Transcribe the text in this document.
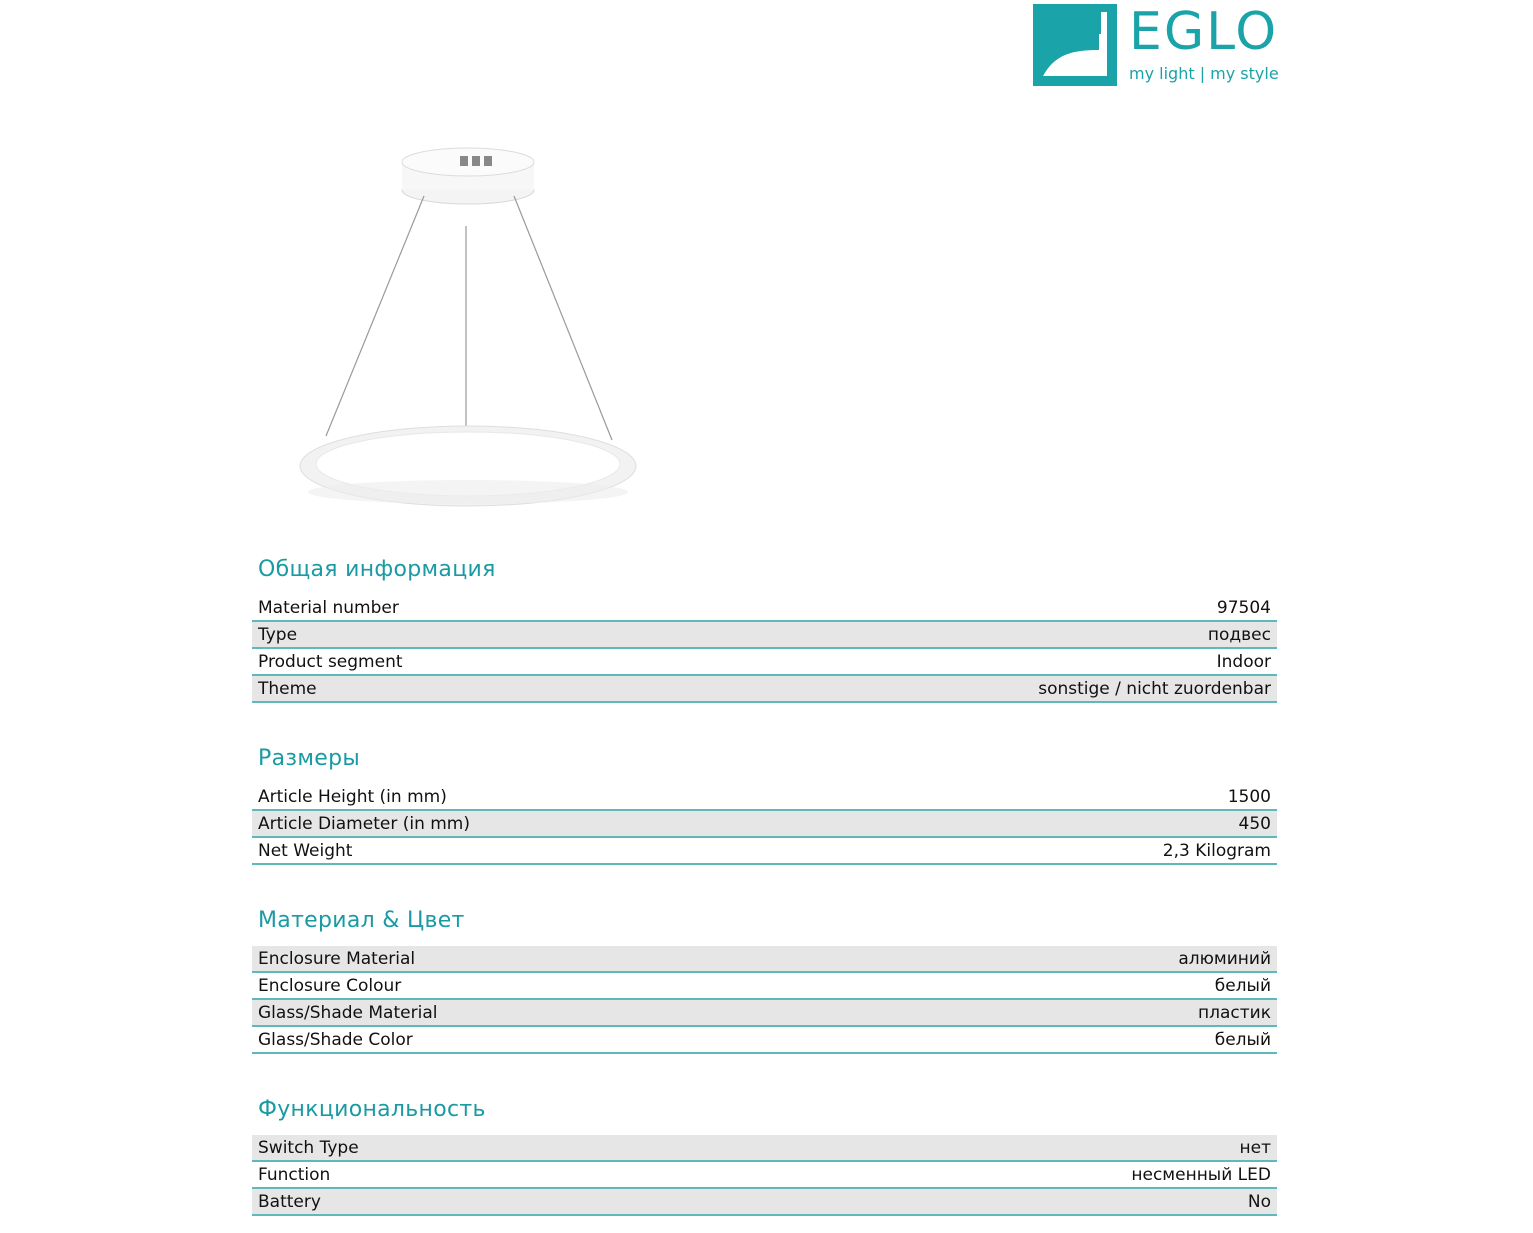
EGLO
my light | my style
Общая информация
Material number	97504
Type	подвес
Product segment	Indoor
Theme	sonstige / nicht zuordenbar
Размеры
Article Height (in mm)	1500
Article Diameter (in mm)	450
Net Weight	2,3 Kilogram
Материал & Цвет
Enclosure Material	алюминий
Enclosure Colour	белый
Glass/Shade Material	пластик
Glass/Shade Color	белый
Функциональность
Switch Type	нет
Function	несменный LED
Battery	No
